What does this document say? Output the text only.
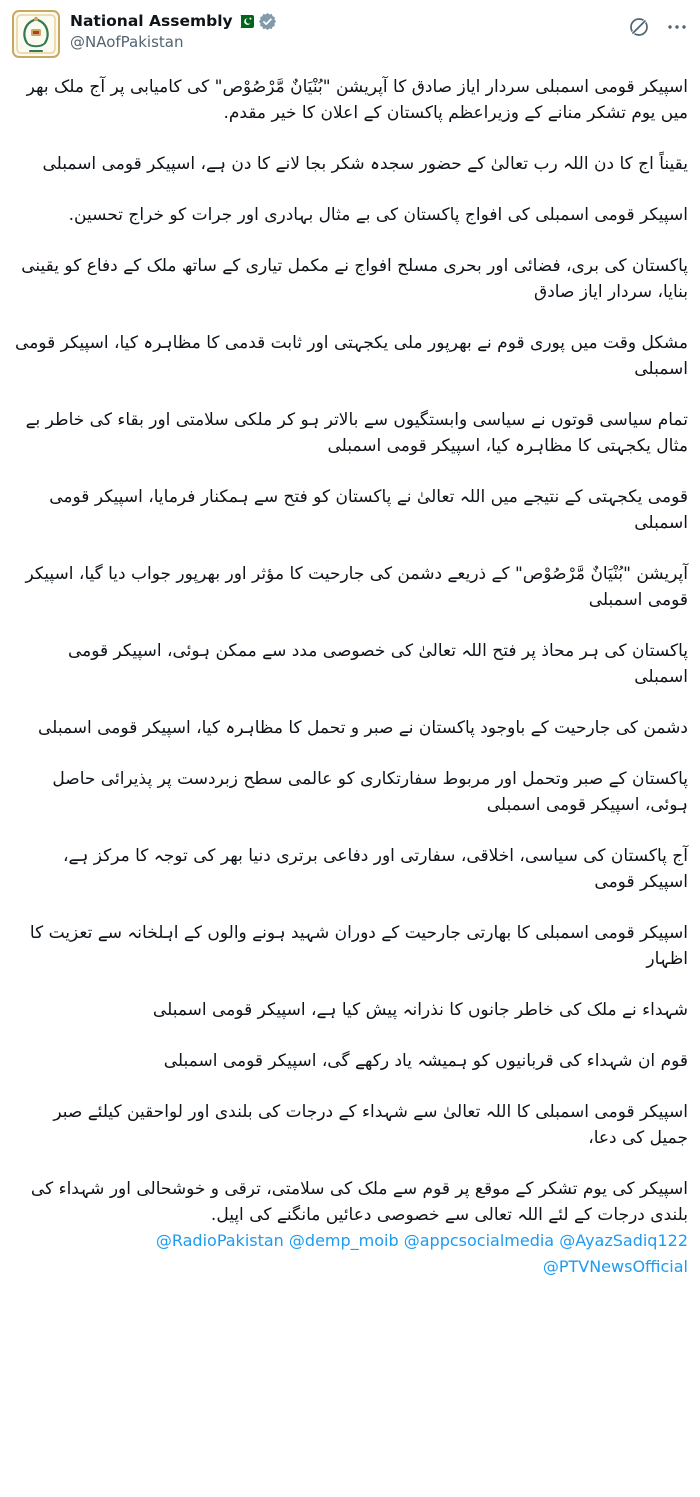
National Assembly
@NAofPakistan

اسپیکر قومی اسمبلی سردار ایاز صادق کا آپریشن "بُنْیَانٌ مَّرْصُوْص" کی کامیابی پر آج ملک بھر میں یوم تشکر منانے کے وزیراعظم پاکستان کے اعلان کا خیر مقدم.

یقیناً اج کا دن اللہ رب تعالیٰ کے حضور سجدہ شکر بجا لانے کا دن ہے، اسپیکر قومی اسمبلی

اسپیکر قومی اسمبلی کی افواج پاکستان کی بے مثال بہادری اور جرات کو خراج تحسین.

پاکستان کی بری، فضائی اور بحری مسلح افواج نے مکمل تیاری کے ساتھ ملک کے دفاع کو یقینی بنایا، سردار ایاز صادق

مشکل وقت میں پوری قوم نے بھرپور ملی یکجہتی اور ثابت قدمی کا مظاہرہ کیا، اسپیکر قومی اسمبلی

تمام سیاسی قوتوں نے سیاسی وابستگیوں سے بالاتر ہو کر ملکی سلامتی اور بقاء کی خاطر بے مثال یکجہتی کا مظاہرہ کیا، اسپیکر قومی اسمبلی

قومی یکجہتی کے نتیجے میں اللہ تعالیٰ نے پاکستان کو فتح سے ہمکنار فرمایا، اسپیکر قومی اسمبلی

آپریشن "بُنْیَانٌ مَّرْصُوْص" کے ذریعے دشمن کی جارحیت کا مؤثر اور بھرپور جواب دیا گیا، اسپیکر قومی اسمبلی

پاکستان کی ہر محاذ پر فتح اللہ تعالیٰ کی خصوصی مدد سے ممکن ہوئی، اسپیکر قومی اسمبلی

دشمن کی جارحیت کے باوجود پاکستان نے صبر و تحمل کا مظاہرہ کیا، اسپیکر قومی اسمبلی

پاکستان کے صبر وتحمل اور مربوط سفارتکاری کو عالمی سطح زبردست پر پذیرائی حاصل ہوئی، اسپیکر قومی اسمبلی

آج پاکستان کی سیاسی، اخلاقی، سفارتی اور دفاعی برتری دنیا بھر کی توجہ کا مرکز ہے، اسپیکر قومی

اسپیکر قومی اسمبلی کا بھارتی جارحیت کے دوران شہید ہونے والوں کے اہلخانہ سے تعزیت کا اظہار

شہداء نے ملک کی خاطر جانوں کا نذرانہ پیش کیا ہے، اسپیکر قومی اسمبلی

قوم ان شہداء کی قربانیوں کو ہمیشہ یاد رکھے گی، اسپیکر قومی اسمبلی

اسپیکر قومی اسمبلی کا اللہ تعالیٰ سے شہداء کے درجات کی بلندی اور لواحقین کیلئے صبر جمیل کی دعا،

اسپیکر کی یوم تشکر کے موقع پر قوم سے ملک کی سلامتی، ترقی و خوشحالی اور شہداء کی بلندی درجات کے لئے اللہ تعالی سے خصوصی دعائیں مانگنے کی اپیل.

@RadioPakistan @demp_moib @appcsocialmedia @AyazSadiq122
@PTVNewsOfficial
